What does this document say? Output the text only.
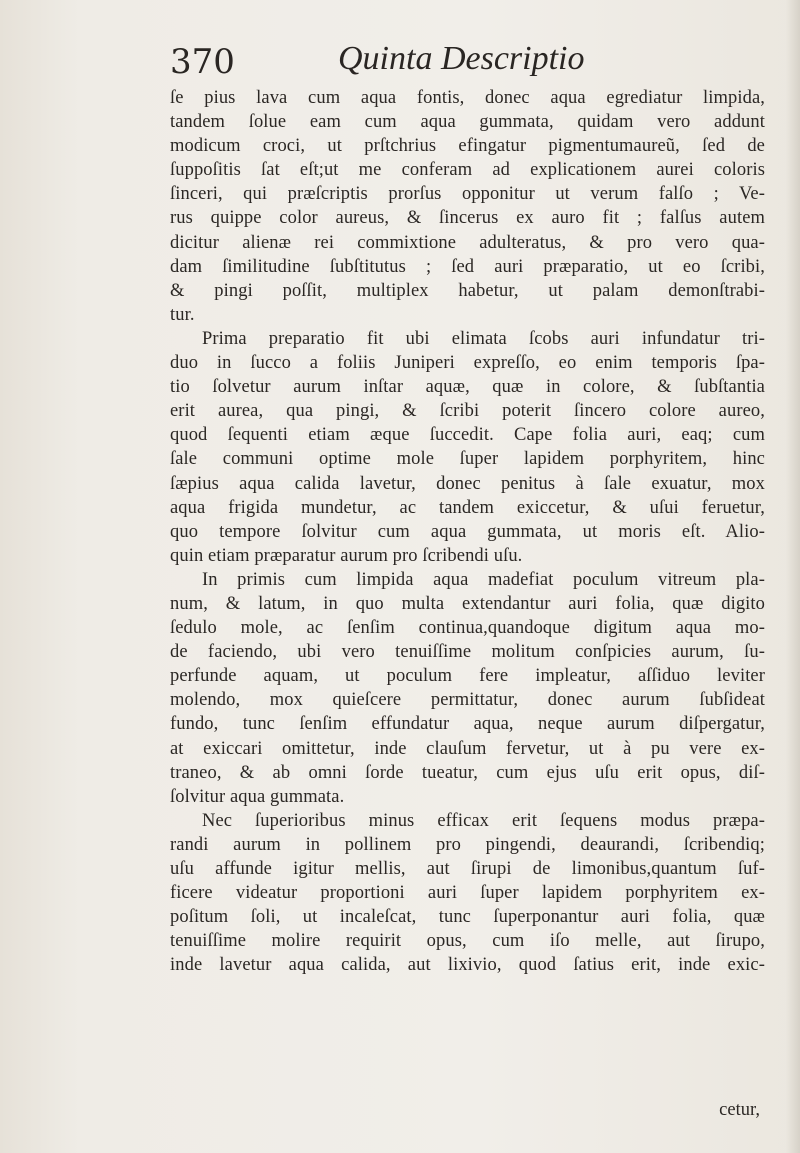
370	Quinta Descriptio
ſe pius lava cum aqua fontis, donec aqua egrediatur limpida,
tandem ſolue eam cum aqua gummata, quidam vero addunt
modicum croci, ut prſtchrius efingatur pigmentumaureũ, ſed de
ſuppoſitis ſat eſt;ut me conferam ad explicationem aurei coloris
ſinceri, qui præſcriptis prorſus opponitur ut verum falſo ; Ve-
rus quippe color aureus, & ſincerus ex auro fit ; falſus autem
dicitur alienæ rei commixtione adulteratus, & pro vero qua-
dam ſimilitudine ſubſtitutus ; ſed auri præparatio, ut eo ſcribi,
& pingi poſſit, multiplex habetur, ut palam demonſtrabi-
tur.
Prima preparatio fit ubi elimata ſcobs auri infundatur tri-
duo in ſucco a foliis Juniperi expreſſo, eo enim temporis ſpa-
tio ſolvetur aurum inſtar aquæ, quæ in colore, & ſubſtantia
erit aurea, qua pingi, & ſcribi poterit ſincero colore aureo,
quod ſequenti etiam æque ſuccedit. Cape folia auri, eaq; cum
ſale communi optime mole ſuper lapidem porphyritem, hinc
ſæpius aqua calida lavetur, donec penitus à ſale exuatur, mox
aqua frigida mundetur, ac tandem exiccetur, & uſui feruetur,
quo tempore ſolvitur cum aqua gummata, ut moris eſt. Alio-
quin etiam præparatur aurum pro ſcribendi uſu.
In primis cum limpida aqua madefiat poculum vitreum pla-
num, & latum, in quo multa extendantur auri folia, quæ digito
ſedulo mole, ac ſenſim continua,quandoque digitum aqua mo-
de faciendo, ubi vero tenuiſſime molitum conſpicies aurum, ſu-
perfunde aquam, ut poculum fere impleatur, aſſiduo leviter
molendo, mox quieſcere permittatur, donec aurum ſubſideat
fundo, tunc ſenſim effundatur aqua, neque aurum diſpergatur,
at exiccari omittetur, inde clauſum fervetur, ut à pu vere ex-
traneo, & ab omni ſorde tueatur, cum ejus uſu erit opus, diſ-
ſolvitur aqua gummata.
Nec ſuperioribus minus efficax erit ſequens modus præpa-
randi aurum in pollinem pro pingendi, deaurandi, ſcribendiq;
uſu affunde igitur mellis, aut ſirupi de limonibus,quantum ſuf-
ficere videatur proportioni auri ſuper lapidem porphyritem ex-
poſitum ſoli, ut incaleſcat, tunc ſuperponantur auri folia, quæ
tenuiſſime molire requirit opus, cum iſo melle, aut ſirupo,
inde lavetur aqua calida, aut lixivio, quod ſatius erit, inde exic-
cetur,
